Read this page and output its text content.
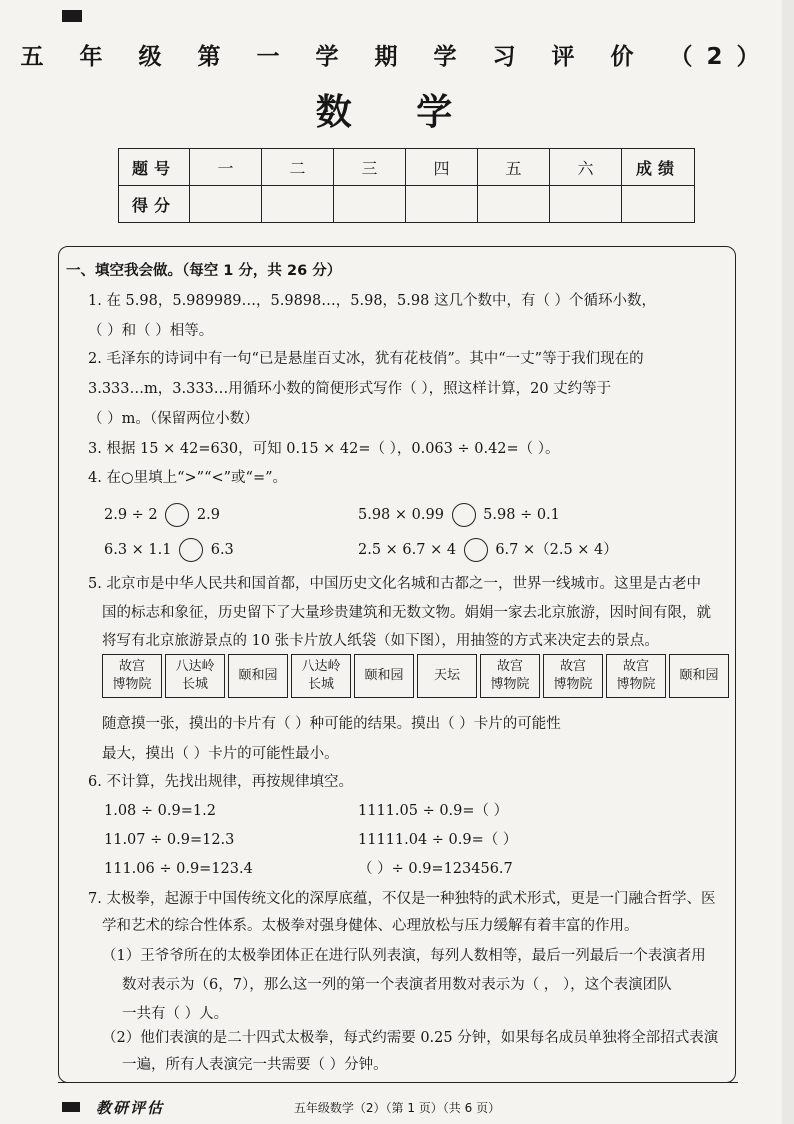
五 年 级 第 一 学 期 学 习 评 价 （2）
数 学
题号	一	二	三	四	五	六	成绩
得分							
一、填空我会做。（每空 1 分，共 26 分）
1. 在 5.98，5.989989…，5.9898…，5.98，5.98 这几个数中，有（ ）个循环小数，
（ ）和（ ）相等。
2. 毛泽东的诗词中有一句“已是悬崖百丈冰，犹有花枝俏”。其中“一丈”等于我们现在的
3.333…m，3.333…用循环小数的简便形式写作（ ），照这样计算，20 丈约等于
（ ）m。（保留两位小数）
3. 根据 15 × 42=630，可知 0.15 × 42=（ ），0.063 ÷ 0.42=（ ）。
4. 在○里填上“>”“<”或“=”。
2.9 ÷ 2	2.9	5.98 × 0.99	5.98 ÷ 0.1
6.3 × 1.1	6.3	2.5 × 6.7 × 4	6.7 ×（2.5 × 4）
5. 北京市是中华人民共和国首都，中国历史文化名城和古都之一，世界一线城市。这里是古老中
国的标志和象征，历史留下了大量珍贵建筑和无数文物。娟娟一家去北京旅游，因时间有限，就
将写有北京旅游景点的 10 张卡片放人纸袋（如下图），用抽签的方式来决定去的景点。
故宫
博物院
八达岭
长城
颐和园
八达岭
长城
颐和园	天坛
故宫
博物院
故宫
博物院
故宫
博物院
颐和园
随意摸一张，摸出的卡片有（ ）种可能的结果。摸出（ ）卡片的可能性
最大，摸出（ ）卡片的可能性最小。
6. 不计算，先找出规律，再按规律填空。
1.08 ÷ 0.9=1.2	1111.05 ÷ 0.9=（ ）
11.07 ÷ 0.9=12.3	11111.04 ÷ 0.9=（ ）
111.06 ÷ 0.9=123.4	（ ）÷ 0.9=123456.7
7. 太极拳，起源于中国传统文化的深厚底蕴，不仅是一种独特的武术形式，更是一门融合哲学、医
学和艺术的综合性体系。太极拳对强身健体、心理放松与压力缓解有着丰富的作用。
（1）王爷爷所在的太极拳团体正在进行队列表演，每列人数相等，最后一列最后一个表演者用
数对表示为（6，7），那么这一列的第一个表演者用数对表示为（ ， ），这个表演团队
一共有（ ）人。
（2）他们表演的是二十四式太极拳，每式约需要 0.25 分钟，如果每名成员单独将全部招式表演
一遍，所有人表演完一共需要（ ）分钟。
教研评估	五年级数学（2）（第 1 页）（共 6 页）
